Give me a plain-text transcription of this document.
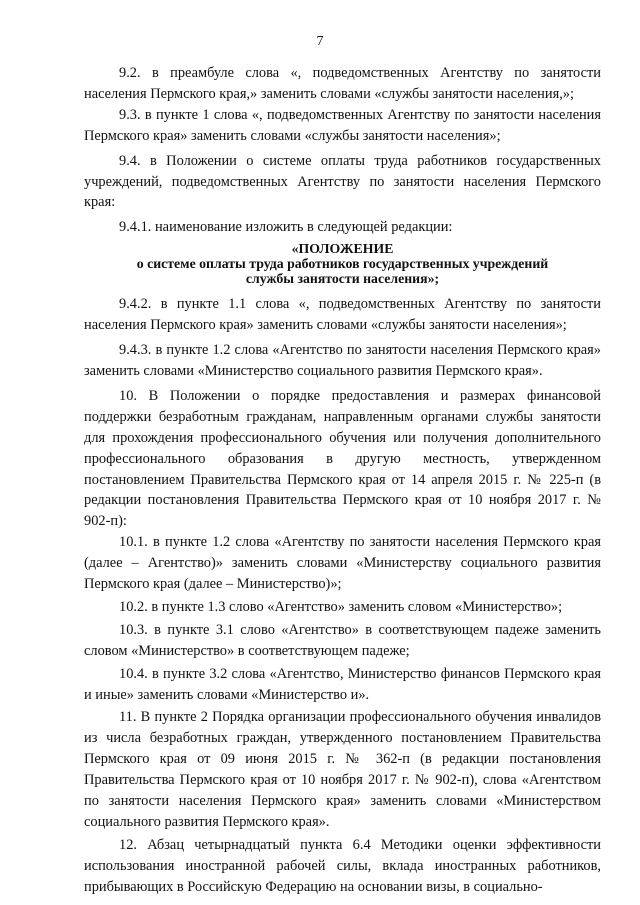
7

9.2. в преамбуле слова «, подведомственных Агентству по занятости населения Пермского края,» заменить словами «службы занятости населения,»;

9.3. в пункте 1 слова «, подведомственных Агентству по занятости населения Пермского края» заменить словами «службы занятости населения»;

9.4. в Положении о системе оплаты труда работников государственных учреждений, подведомственных Агентству по занятости населения Пермского края:

9.4.1. наименование изложить в следующей редакции:

«ПОЛОЖЕНИЕ
о системе оплаты труда работников государственных учреждений
службы занятости населения»;

9.4.2. в пункте 1.1 слова «, подведомственных Агентству по занятости населения Пермского края» заменить словами «службы занятости населения»;

9.4.3. в пункте 1.2 слова «Агентство по занятости населения Пермского края» заменить словами «Министерство социального развития Пермского края».

10. В Положении о порядке предоставления и размерах финансовой поддержки безработным гражданам, направленным органами службы занятости для прохождения профессионального обучения или получения дополнительного профессионального образования в другую местность, утвержденном постановлением Правительства Пермского края от 14 апреля 2015 г. № 225-п (в редакции постановления Правительства Пермского края от 10 ноября 2017 г. № 902-п):

10.1. в пункте 1.2 слова «Агентству по занятости населения Пермского края (далее – Агентство)» заменить словами «Министерству социального развития Пермского края (далее – Министерство)»;

10.2. в пункте 1.3 слово «Агентство» заменить словом «Министерство»;

10.3. в пункте 3.1 слово «Агентство» в соответствующем падеже заменить словом «Министерство» в соответствующем падеже;

10.4. в пункте 3.2 слова «Агентство, Министерство финансов Пермского края и иные» заменить словами «Министерство и».

11. В пункте 2 Порядка организации профессионального обучения инвалидов из числа безработных граждан, утвержденного постановлением Правительства Пермского края от 09 июня 2015 г. № 362-п (в редакции постановления Правительства Пермского края от 10 ноября 2017 г. № 902-п), слова «Агентством по занятости населения Пермского края» заменить словами «Министерством социального развития Пермского края».

12. Абзац четырнадцатый пункта 6.4 Методики оценки эффективности использования иностранной рабочей силы, вклада иностранных работников, прибывающих в Российскую Федерацию на основании визы, в социально-
